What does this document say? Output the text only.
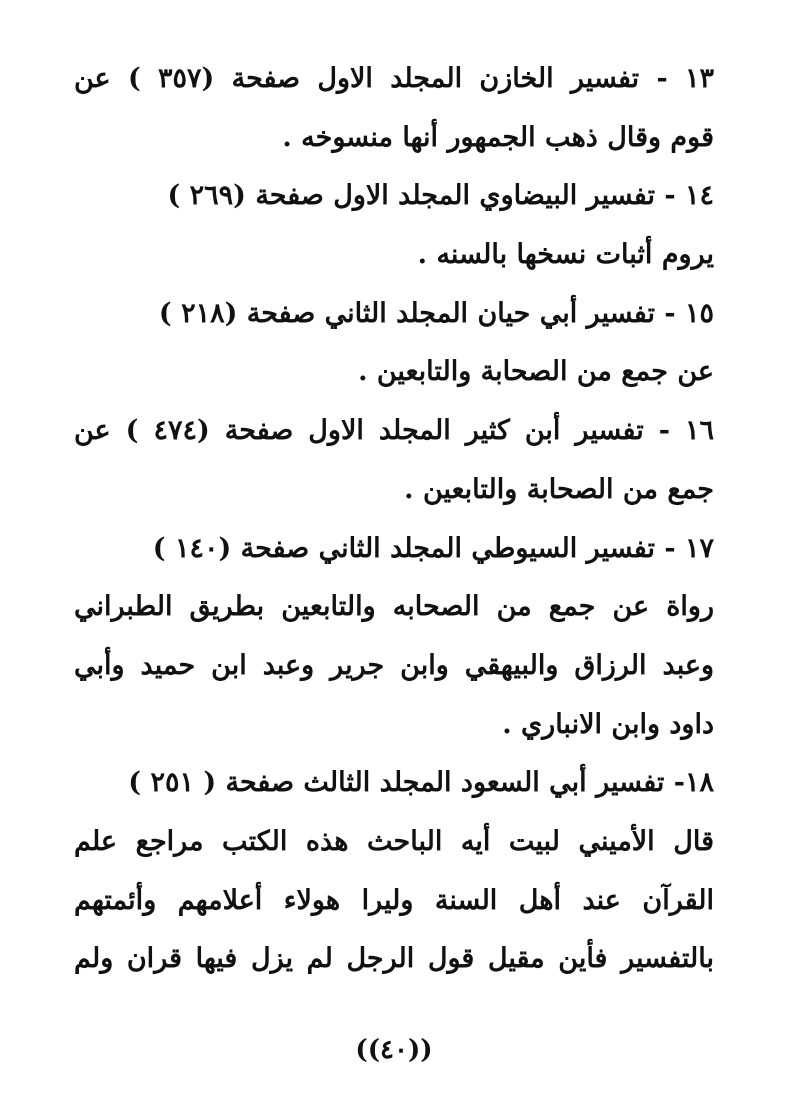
١٣ - تفسير الخازن المجلد الاول صفحة (٣٥٧ ) عن
قوم وقال ذهب الجمهور أنها منسوخه .
١٤ - تفسير البيضاوي المجلد الاول صفحة (٢٦٩ )
يروم أثبات نسخها بالسنه .
١٥ - تفسير أبي حيان المجلد الثاني صفحة (٢١٨ )
عن جمع من الصحابة والتابعين .
١٦ - تفسير أبن كثير المجلد الاول صفحة (٤٧٤ ) عن
جمع من الصحابة والتابعين .
١٧ - تفسير السيوطي المجلد الثاني صفحة (١٤٠ )
رواة عن جمع من الصحابه والتابعين بطريق الطبراني
وعبد الرزاق والبيهقي وابن جرير وعبد ابن حميد وأبي
داود وابن الانباري .
١٨- تفسير أبي السعود المجلد الثالث صفحة ( ٢٥١ )
قال الأميني لبيت أيه الباحث هذه الكتب مراجع علم
القرآن عند أهل السنة وليرا هولاء أعلامهم وأئمتهم
بالتفسير فأين مقيل قول الرجل لم يزل فيها قران ولم
((٤٠))
